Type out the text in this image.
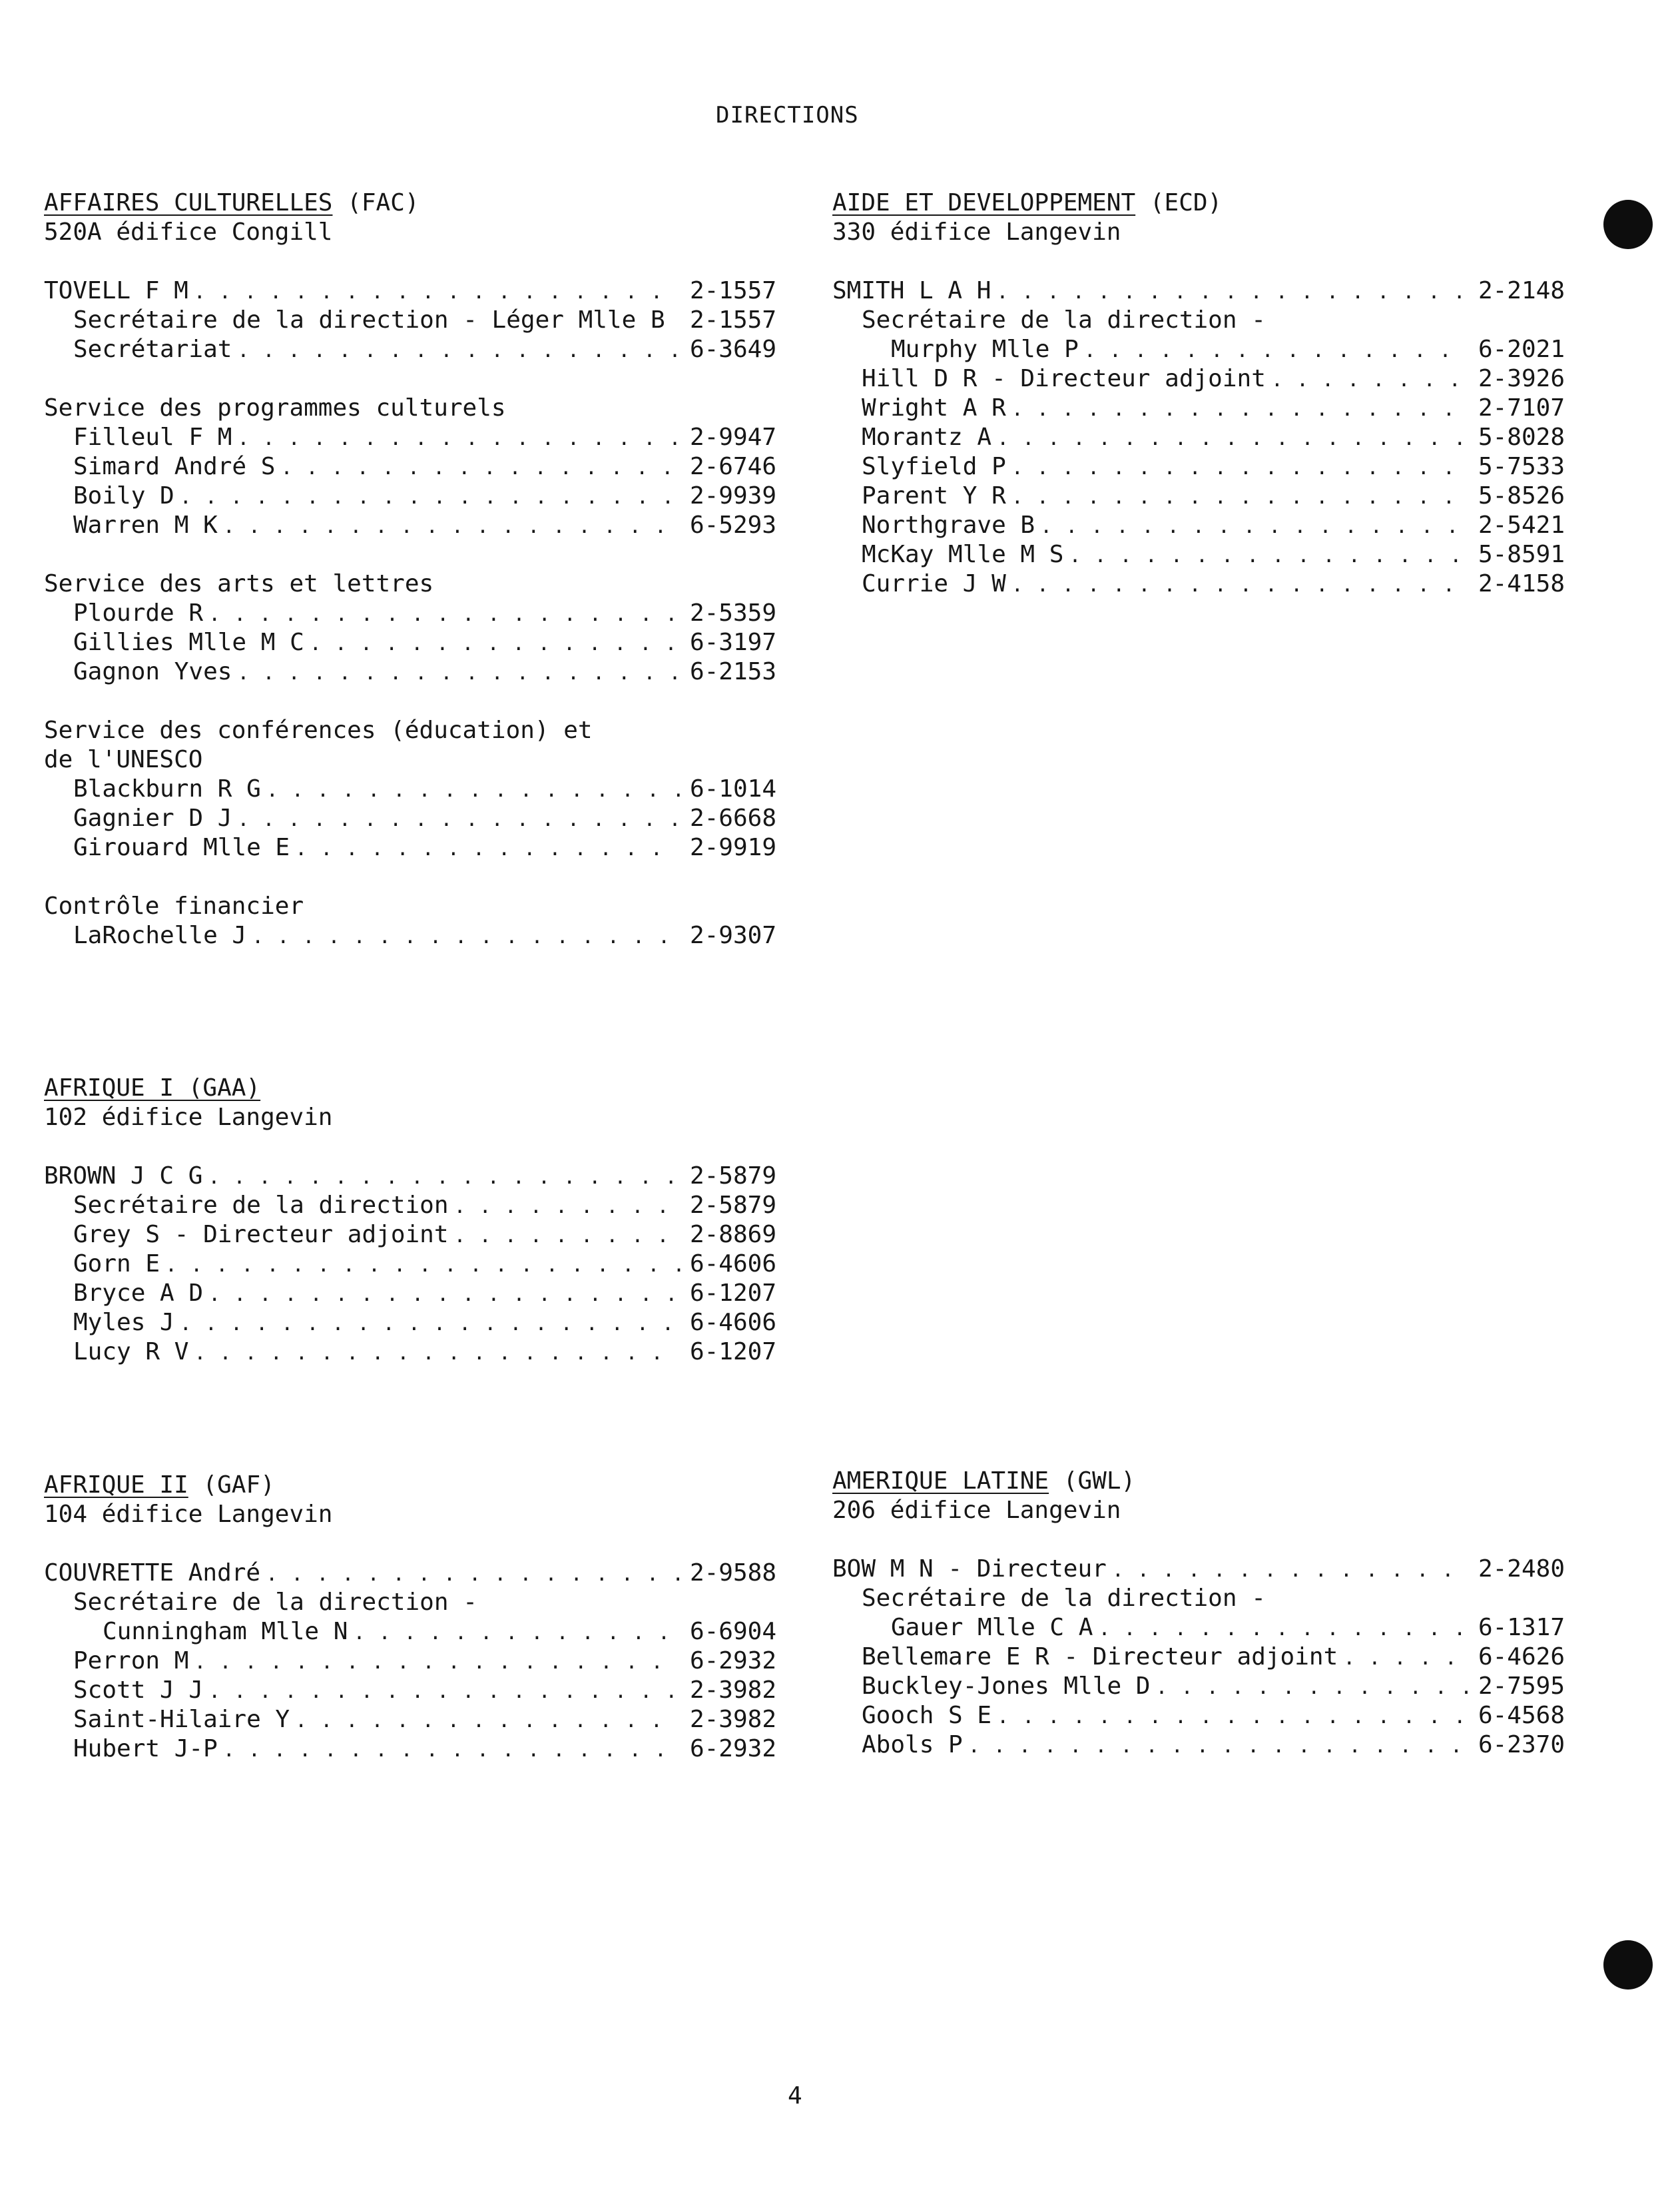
DIRECTIONS
AFFAIRES CULTURELLES (FAC)
520A édifice Congill
TOVELL F M . . .	2-1557
Secrétaire de la direction - Léger Mlle B	2-1557
Secrétariat . . .	6-3649
Service des programmes culturels
Filleul F M . . .	2-9947
Simard André S . . .	2-6746
Boily D . . .	2-9939
Warren M K . . .	6-5293
Service des arts et lettres
Plourde R . . .	2-5359
Gillies Mlle M C . . .	6-3197
Gagnon Yves . . .	6-2153
Service des conférences (éducation) et
de l'UNESCO
Blackburn R G . . .	6-1014
Gagnier D J . . .	2-6668
Girouard Mlle E . . .	2-9919
Contrôle financier
LaRochelle J . . .	2-9307
AFRIQUE I (GAA)
102 édifice Langevin
BROWN J C G . . .	2-5879
Secrétaire de la direction . . .	2-5879
Grey S - Directeur adjoint . . .	2-8869
Gorn E . . .	6-4606
Bryce A D . . .	6-1207
Myles J . . .	6-4606
Lucy R V . . .	6-1207
AFRIQUE II (GAF)
104 édifice Langevin
COUVRETTE André . . .	2-9588
Secrétaire de la direction -
Cunningham Mlle N . . .	6-6904
Perron M . . .	6-2932
Scott J J . . .	2-3982
Saint-Hilaire Y . . .	2-3982
Hubert J-P . . .	6-2932
AIDE ET DEVELOPPEMENT (ECD)
330 édifice Langevin
SMITH L A H . . .	2-2148
Secrétaire de la direction -
Murphy Mlle P . . .	6-2021
Hill D R - Directeur adjoint . . .	2-3926
Wright A R . . .	2-7107
Morantz A . . .	5-8028
Slyfield P . . .	5-7533
Parent Y R . . .	5-8526
Northgrave B . . .	2-5421
McKay Mlle M S . . .	5-8591
Currie J W . . .	2-4158
AMERIQUE LATINE (GWL)
206 édifice Langevin
BOW M N - Directeur . . .	2-2480
Secrétaire de la direction -
Gauer Mlle C A . . .	6-1317
Bellemare E R - Directeur adjoint . . .	6-4626
Buckley-Jones Mlle D . . .	2-7595
Gooch S E . . .	6-4568
Abols P . . .	6-2370
4
